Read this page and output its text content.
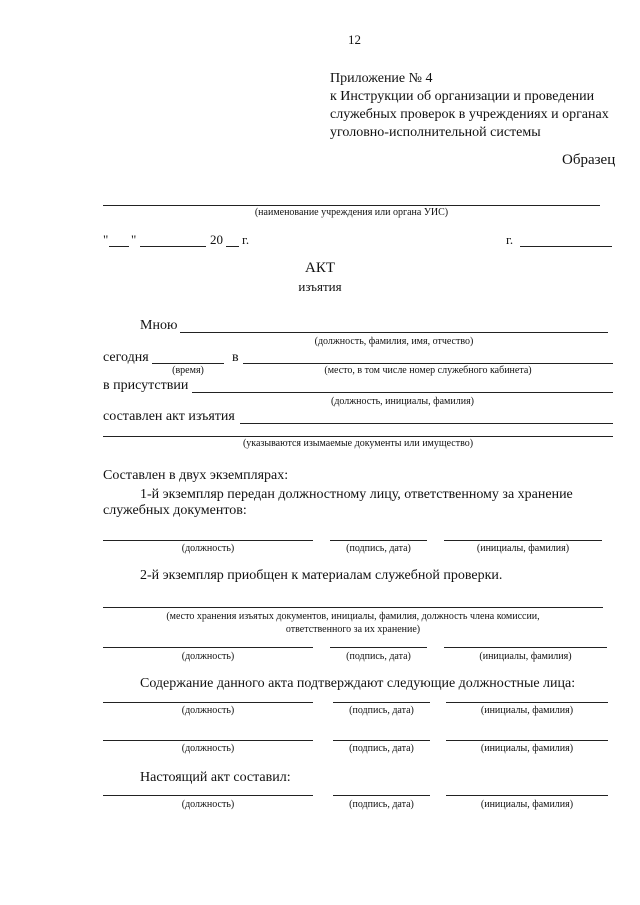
12
Приложение № 4
к Инструкции об организации и проведении
служебных проверок в учреждениях и органах
уголовно-исполнительной системы
Образец
(наименование учреждения или органа УИС)
" "	20 г.	г.
АКТ
изъятия
Мною
(должность, фамилия, имя, отчество)
сегодня	в
(время)	(место, в том числе номер служебного кабинета)
в присутствии
(должность, инициалы, фамилия)
составлен акт изъятия
(указываются изымаемые документы или имущество)
Составлен в двух экземплярах:
1-й экземпляр передан должностному лицу, ответственному за хранение
служебных документов:
(должность)	(подпись, дата)	(инициалы, фамилия)
2-й экземпляр приобщен к материалам служебной проверки.
(место хранения изъятых документов, инициалы, фамилия, должность члена комиссии,
ответственного за их хранение)
(должность)	(подпись, дата)	(инициалы, фамилия)
Содержание данного акта подтверждают следующие должностные лица:
(должность)	(подпись, дата)	(инициалы, фамилия)
(должность)	(подпись, дата)	(инициалы, фамилия)
Настоящий акт составил:
(должность)	(подпись, дата)	(инициалы, фамилия)
